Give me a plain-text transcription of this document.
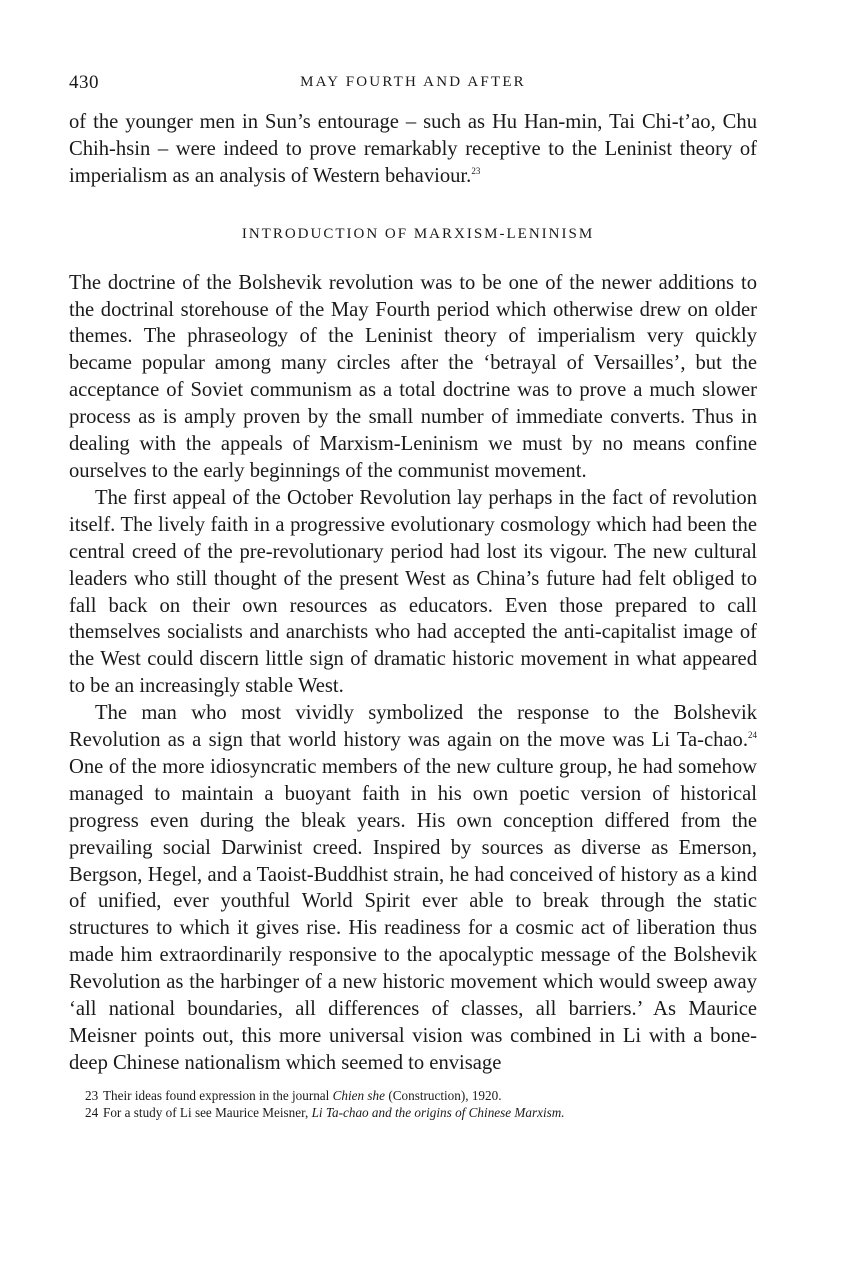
430	MAY FOURTH AND AFTER

of the younger men in Sun’s entourage – such as Hu Han-min, Tai Chi-t’ao, Chu Chih-hsin – were indeed to prove remarkably receptive to the Leninist theory of imperialism as an analysis of Western behaviour.$^{23}$

INTRODUCTION OF MARXISM-LENINISM

The doctrine of the Bolshevik revolution was to be one of the newer additions to the doctrinal storehouse of the May Fourth period which otherwise drew on older themes. The phraseology of the Leninist theory of imperialism very quickly became popular among many circles after the ‘betrayal of Versailles’, but the acceptance of Soviet communism as a total doctrine was to prove a much slower process as is amply proven by the small number of immediate converts. Thus in dealing with the appeals of Marxism-Leninism we must by no means confine ourselves to the early beginnings of the communist movement.

The first appeal of the October Revolution lay perhaps in the fact of revolution itself. The lively faith in a progressive evolutionary cosmology which had been the central creed of the pre-revolutionary period had lost its vigour. The new cultural leaders who still thought of the present West as China’s future had felt obliged to fall back on their own resources as educators. Even those prepared to call themselves socialists and anarchists who had accepted the anti-capitalist image of the West could discern little sign of dramatic historic movement in what appeared to be an increasingly stable West.

The man who most vividly symbolized the response to the Bolshevik Revolution as a sign that world history was again on the move was Li Ta-chao.$^{24}$ One of the more idiosyncratic members of the new culture group, he had somehow managed to maintain a buoyant faith in his own poetic version of historical progress even during the bleak years. His own conception differed from the prevailing social Darwinist creed. Inspired by sources as diverse as Emerson, Bergson, Hegel, and a Taoist-Buddhist strain, he had conceived of history as a kind of unified, ever youthful World Spirit ever able to break through the static structures to which it gives rise. His readiness for a cosmic act of liberation thus made him extraordinarily responsive to the apocalyptic message of the Bolshevik Revolution as the harbinger of a new historic movement which would sweep away ‘all national boundaries, all differences of classes, all barriers.’ As Maurice Meisner points out, this more universal vision was combined in Li with a bone-deep Chinese nationalism which seemed to envisage

23 Their ideas found expression in the journal Chien she (Construction), 1920.
24 For a study of Li see Maurice Meisner, Li Ta-chao and the origins of Chinese Marxism.
